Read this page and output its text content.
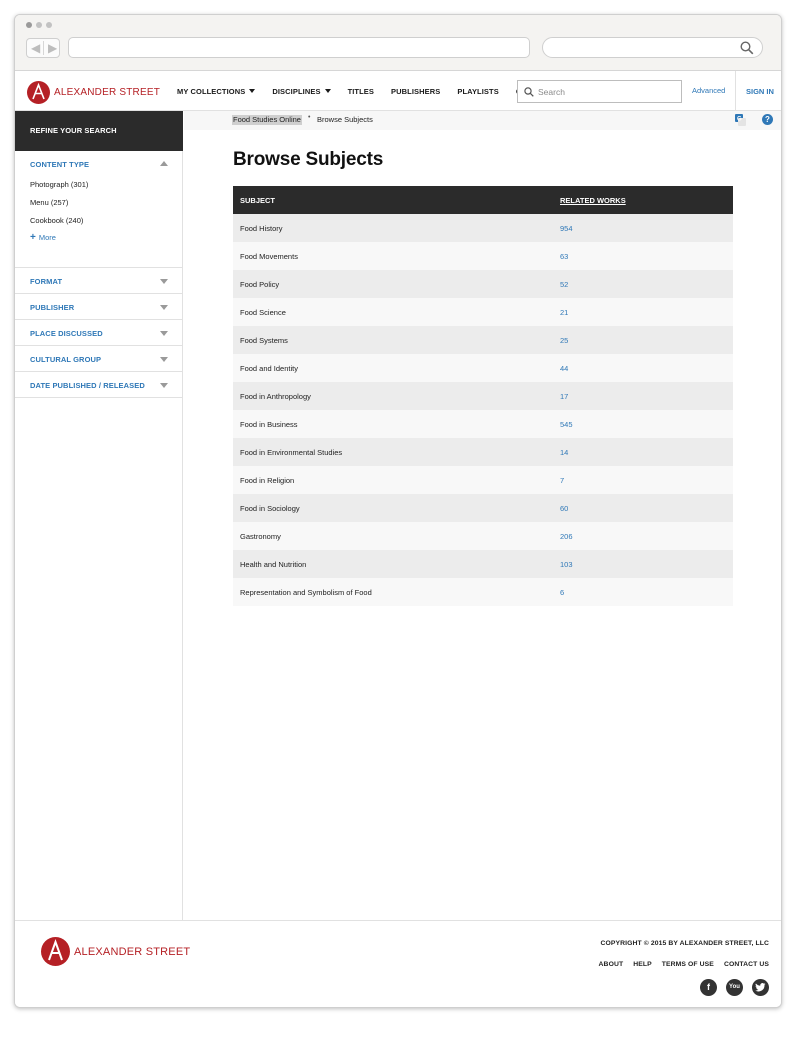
◀ ▶
ALEXANDER STREET MY COLLECTIONS	DISCIPLINES	TITLES PUBLISHERS PLAYLISTS
Search	Advanced	SIGN IN
REFINE YOUR SEARCH
CONTENT TYPE
Photograph (301)
Menu (257)
Cookbook (240)
+ More
FORMAT
PUBLISHER
PLACE DISCUSSED
CULTURAL GROUP
DATE PUBLISHED / RELEASED
Food Studies Online • Browse Subjects	G	?
Browse Subjects
SUBJECT	RELATED WORKS
Food History	954
Food Movements	63
Food Policy	52
Food Science	21
Food Systems	25
Food and Identity	44
Food in Anthropology	17
Food in Business	545
Food in Environmental Studies	14
Food in Religion	7
Food in Sociology	60
Gastronomy	206
Health and Nutrition	103
Representation and Symbolism of Food	6
ALEXANDER STREET
COPYRIGHT © 2015 BY ALEXANDER STREET, LLC
ABOUT HELP TERMS OF USE CONTACT US
f	You
